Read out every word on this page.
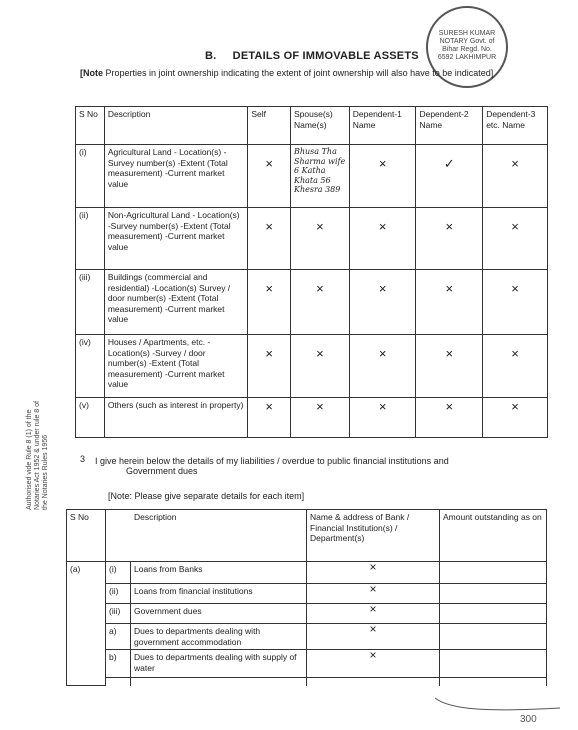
SURESH KUMAR NOTARY Govt. of Bihar Regd. No. 6592 LAKHIMPUR
B.     DETAILS OF IMMOVABLE ASSETS
[Note Properties in joint ownership indicating the extent of joint ownership will also have to be indicated]
S No	Description	Self	Spouse(s) Name(s)	Dependent-1 Name	Dependent-2 Name	Dependent-3 etc. Name
(i)	Agricultural Land - Location(s) -Survey number(s) -Extent (Total measurement) -Current market value	×	Bhusa Tha Sharma wife 6 Katha Khata 56 Khesra 389	×	✓	×
(ii)	Non-Agricultural Land - Location(s) -Survey number(s) -Extent (Total measurement) -Current market value	×	×	×	×	×
(iii)	Buildings (commercial and residential) -Location(s) Survey / door number(s) -Extent (Total measurement) -Current market value	×	×	×	×	×
(iv)	Houses / Apartments, etc. - Location(s) -Survey / door number(s) -Extent (Total measurement) -Current market value	×	×	×	×	×
(v)	Others (such as interest in property)	×	×	×	×	×
Authorised vide Rule 8 (1) of the Notaries Act 1952 & under rule 8 of the Notaries Rules 1956	3 I give herein below the details of my liabilities / overdue to public financial institutions and
Government dues
[Note: Please give separate details for each item]
S No	Description		Name & address of Bank / Financial Institution(s) / Department(s)	Amount outstanding as on
(a)	(i)	Loans from Banks	×	
	(ii)	Loans from financial institutions	×	
	(iii)	Government dues	×	
	a)	Dues to departments dealing with government accommodation	×	
	b)	Dues to departments dealing with supply of water	×	

300
